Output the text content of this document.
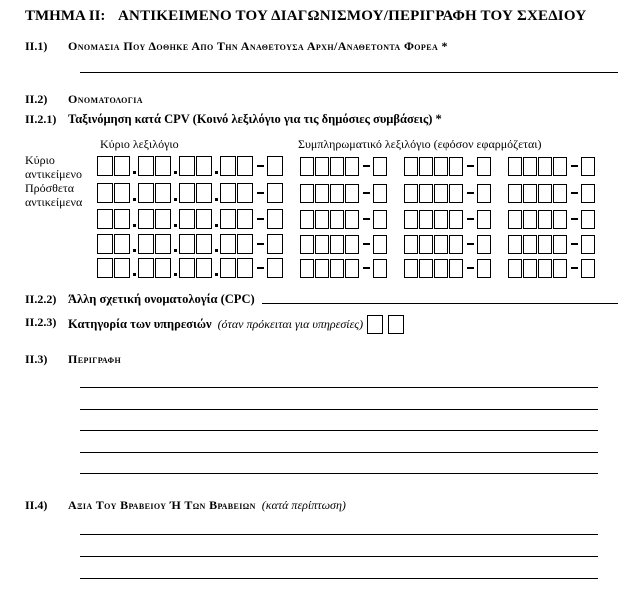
ΤΜΗΜΑ ΙΙ: ΑΝΤΙΚΕΙΜΕΝΟ ΤΟΥ ΔΙΑΓΩΝΙΣΜΟΥ/ΠΕΡΙΓΡΑΦΗ ΤΟΥ ΣΧΕΔΙΟΥ
ΙΙ.1) Ονομασια Που Δοθηκε Απο Την Αναθετουσα Αρχη/Αναθετοντα Φορεα *
ΙΙ.2) Ονοματολογια
ΙΙ.2.1) Ταξινόμηση κατά CPV (Κοινό λεξιλόγιο για τις δημόσιες συμβάσεις) *
Κύριο λεξιλόγιο	Συμπληρωματικό λεξιλόγιο (εφόσον εφαρμόζεται)
Κύριο αντικείμενο
Πρόσθετα αντικείμενα
ΙΙ.2.2) Άλλη σχετική ονοματολογία (CPC)
ΙΙ.2.3) Κατηγορία των υπηρεσιών (όταν πρόκειται για υπηρεσίες)
ΙΙ.3) Περιγραφη
ΙΙ.4) Αξια Του Βραβειου Ή Των Βραβειων (κατά περίπτωση)
